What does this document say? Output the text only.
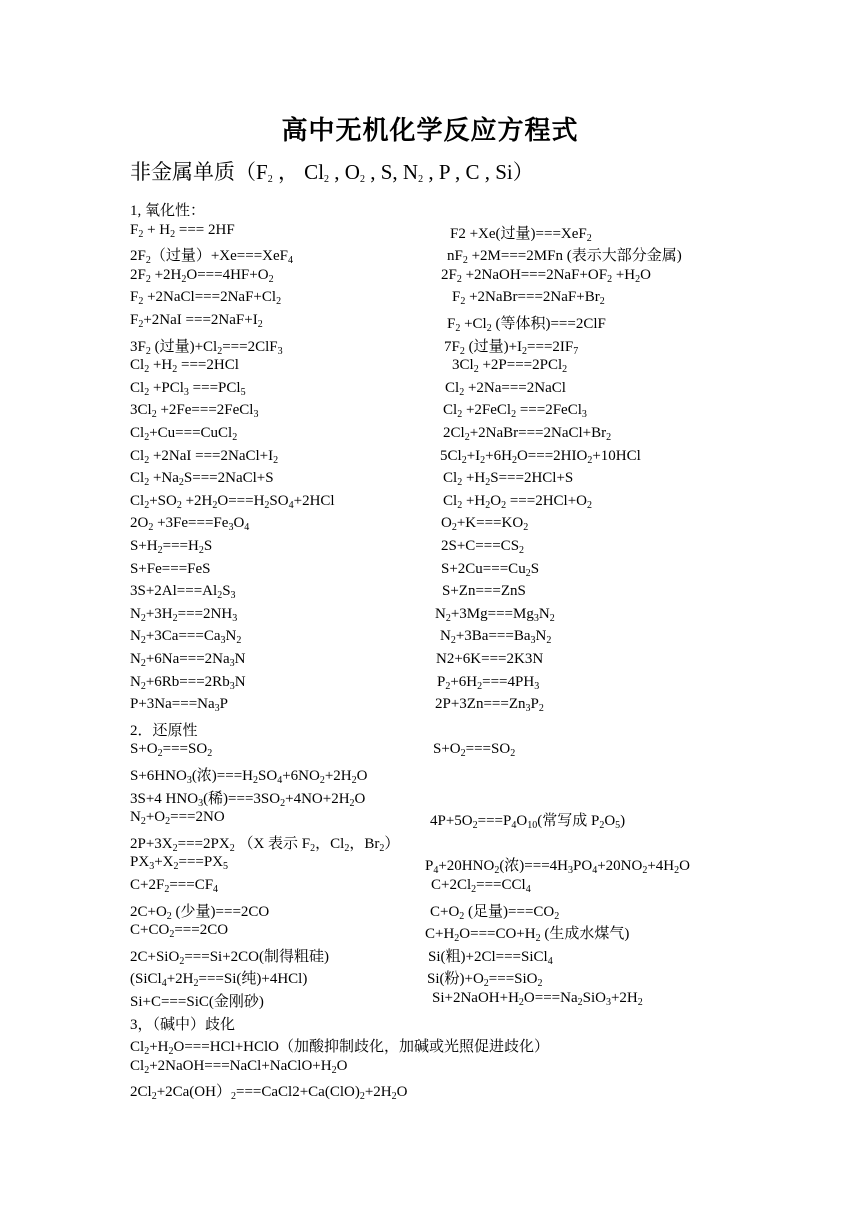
高中无机化学反应方程式
非金属单质（$F_2$ ， $Cl_2$ , $O_2$ , S, $N_2$ , P , C , Si）
1, 氧化性：
$F_2 + H_2$ === 2HF	F2 +Xe(过量)===XeF$_2$
$2F_2$（过量）+Xe===XeF$_4$	$nF_2 +2M===2MFn$ (表示大部分金属)
$2F_2 +2H_2O===4HF+O_2$	$2F_2$ $+2NaOH===2NaF+OF_2 +H_2O$
$F_2$ $+2NaCl===2NaF+Cl_2$	$F_2$ $+2NaBr===2NaF+Br_2$
$F_2+2NaI ===2NaF+I_2$	$F_2 +Cl_2$ (等体积)===2ClF
$3F_2$ (过量)$+Cl_2===2ClF_3$	$7F_2$ (过量)$+I_2===2IF_7$
$Cl_2 +H_2 ===2HCl$	$3Cl_2 +2P===2PCl_2$
$Cl_2 +PCl_3 ===PCl_5$	$Cl_2$ +2Na===2NaCl
$3Cl_2$ +2Fe===2FeCl$_3$	$Cl_2$ +2FeCl$_2$ ===2FeCl$_3$
$Cl_2+Cu===CuCl_2$	$2Cl_2+2NaBr===2NaCl+Br_2$
$Cl_2 +2NaI$ $===2NaCl+I_2$	$5Cl_2+I_2+6H_2O===2HIO_2+10HCl$
$Cl_2$ $+Na_2S===2NaCl+S$	$Cl_2 +H_2S===2HCl+S$
$Cl_2+SO_2 +2H_2O===H_2SO_4+2HCl$	$Cl_2 +H_2O_2 ===2HCl+O_2$
$2O_2 +3Fe===Fe_3O_4$	$O_2+K===KO_2$
$S+H_2===H_2S$	$2S+C===CS_2$
S+Fe===FeS	$S+2Cu===Cu_2S$
$3S+2Al===Al_2S_3$	S+Zn===ZnS
$N_2+3H_2===2NH_3$	$N_2+3Mg===Mg_3N_2$
$N_2+3Ca===Ca_3N_2$	$N_2+3Ba===Ba_3N_2$
$N_2+6Na===2Na_3N$	N2+6K===2K3N
$N_2+6Rb===2Rb_3N$	$P_2+6H_2===4PH_3$
$P+3Na===Na_3P$	$2P+3Zn===Zn_3P_2$
2．还原性
$S+O_2===SO_2$	$S+O_2===SO_2$
$S+6HNO_3$(浓)$===H_2SO_4+6NO_2+2H_2O$
3S+4 $HNO_3$(稀)$===3SO_2+4NO+2H_2O$
$N_2+O_2===2NO$	$4P+5O_2===P_4O_{10}$(常写成 $P_2O_5$)
$2P+3X_2===2PX_2$ （X 表示 $F_2$，$Cl_2$，$Br_2$）
$PX_3+X_2===PX_5$	$P_4+20HNO_2$(浓)$===4H_3PO_4+20NO_2+4H_2O$
$C+2F_2===CF_4$	$C+2Cl_2===CCl_4$
$2C+O_2$ (少量)===2CO	$C+O_2$ (足量)$===CO_2$
$C+CO_2===2CO$	$C+H_2O===CO+H_2$ (生成水煤气)
2C+SiO$_2$===Si+2CO(制得粗硅)	Si(粗)+2Cl===SiCl$_4$
($SiCl_4+2H_2===Si$(纯)+4HCl)	Si(粉)$+O_2===SiO_2$
Si+C===SiC(金刚砂)	$Si+2NaOH+H_2O===Na_2SiO_3+2H_2$
3，（碱中）歧化
$Cl_2+H_2O===HCl+HClO$（加酸抑制歧化，加碱或光照促进歧化）
$Cl_2+2NaOH===NaCl+NaClO+H_2O$
$2Cl_2+2Ca(OH)_2===CaCl2+Ca(ClO)_2+2H_2O$
